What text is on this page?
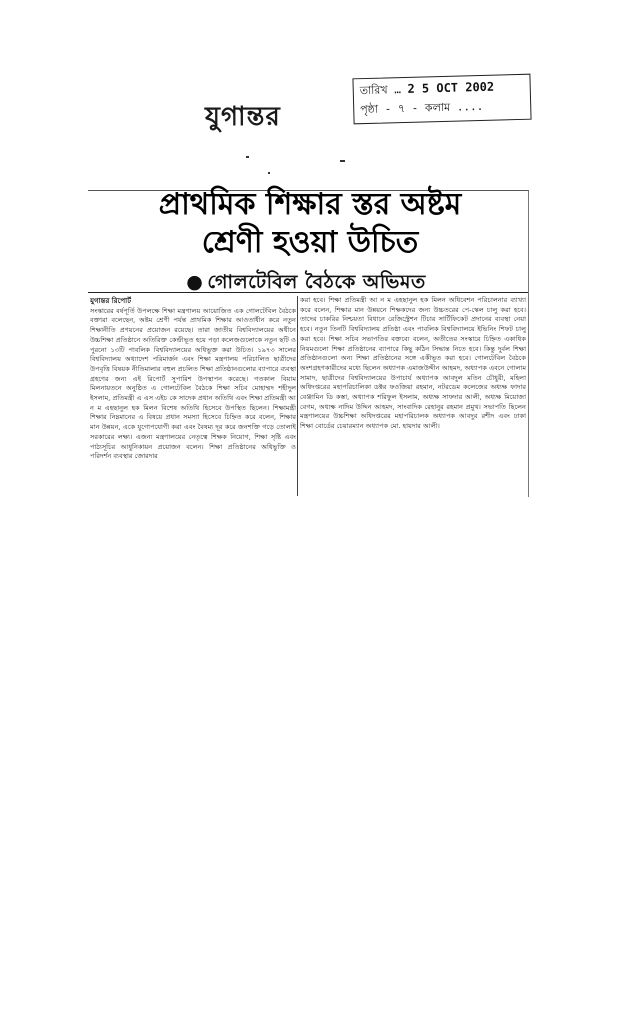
যুগান্তর
তারিখ … 2 5 OCT 2002
পৃষ্ঠা - ৭ - কলাম ....
প্রাথমিক শিক্ষার স্তর অষ্টম
শ্রেণী হওয়া উচিত
● গোলটেবিল বৈঠকে অভিমত
যুগান্তর রিপোর্ট

সংস্কারের বর্ষপূর্তি উপলক্ষে শিক্ষা মন্ত্রণালয় আয়োজিত এক গোলটেবিল বৈঠকে বক্তারা বলেছেন, অষ্টম শ্রেণী পর্যন্ত প্রাথমিক শিক্ষার আওতাধীন করে নতুন শিক্ষানীতি প্রণয়নের প্রয়োজন রয়েছে। তারা জাতীয় বিশ্ববিদ্যালয়ের অধীনে উচ্চশিক্ষা প্রতিষ্ঠানে অতিরিক্ত কেন্দ্রীভূত হয়ে পড়া কলেজগুলোকে নতুন ছটি ও পুরনো ১৩টি পাবলিক বিশ্ববিদ্যালয়ের অধিভুক্ত করা উচিত। ১৯৭৩ সালের বিশ্ববিদ্যালয় অধ্যাদেশ পরিমার্জন এবং শিক্ষা মন্ত্রণালয় পরিচালিত ছাত্রীদের উপবৃত্তি বিষয়ক নীতিমালার বহুল প্রচলিত শিক্ষা প্রতিষ্ঠানগুলোর ব্যাপারে ব্যবস্থা গ্রহণের জন্য এই রিপোর্ট সুপারিশ উপস্থাপন করেছে। গতকাল বিয়াম মিলনায়তনে অনুষ্ঠিত এ গোলটেবিল বৈঠকে শিক্ষা সচিব মোহাম্মদ শহীদুল ইসলাম, প্রতিমন্ত্রী এ এস এইচ কে সাদেক প্রধান অতিথি এবং শিক্ষা প্রতিমন্ত্রী আ ন ম এহছানুল হক মিলন বিশেষ অতিথি হিসেবে উপস্থিত ছিলেন। শিক্ষামন্ত্রী শিক্ষার নিম্নমানের এ বিষয়ে প্রধান সমস্যা হিসেবে চিহ্নিত করে বলেন, শিক্ষার মান উন্নয়ন, একে যুগোপযোগী করা এবং বৈষম্য দূর করে জনশক্তি গড়ে তোলাই সরকারের লক্ষ্য। এজন্য মন্ত্রণালয়ের নেতৃত্বে শিক্ষক নিয়োগ, শিক্ষা সৃষ্টি এবং পাঠ্যসূচির আধুনিকায়ন প্রয়োজন বলেন। শিক্ষা প্রতিষ্ঠানের অধিভুক্তি ও পরিদর্শন ব্যবস্থার জোরদার

করা হবে। শিক্ষা প্রতিমন্ত্রী আ ন ম এহছানুল হক মিলন অধিবেশন পরিচালনার ব্যাখ্যা করে বলেন, শিক্ষার মান উন্নয়নে শিক্ষকদের জন্য উচ্চতরের পে-স্কেল চালু করা হবে। তাদের চাকরির নিশ্চয়তা বিধানে রেজিস্ট্রেশন টিচার সার্টিফিকেট প্রদানের ব্যবস্থা নেয়া হবে। নতুন তিনটি বিশ্ববিদ্যালয় প্রতিষ্ঠা এবং পাবলিক বিশ্ববিদ্যালয়ে ইভিনিং শিফট চালু করা হবে। শিক্ষা সচিব সভাপতির বক্তব্যে বলেন, অতীতের সংস্কারে চিহ্নিত একাধিক নিয়মগুলো শিক্ষা প্রতিষ্ঠানের ব্যাপারে কিছু কঠিন সিদ্ধান্ত নিতে হবে। কিন্তু দুর্বল শিক্ষা প্রতিষ্ঠানগুলো অন্য শিক্ষা প্রতিষ্ঠানের সঙ্গে একীভূত করা হবে। গোলটেবিল বৈঠকে অংশগ্রহণকারীদের মধ্যে ছিলেন অধ্যাপক এমাজউদ্দীন আহমদ, অধ্যাপক এবনে গোলাম সামাদ, ছাত্রীদের বিশ্ববিদ্যালয়ের উপাচার্য অধ্যাপক আবদুল মতিন চৌধুরী, মহিলা অধিদপ্তরের মহাপরিচালিকা ডক্টর ফওজিয়া রহমান, নটরডেম কলেজের অধ্যক্ষ ফাদার বেঞ্জামিন ডি কস্তা, অধ্যাপক শরিফুল ইসলাম, অধ্যক্ষ সাফদার আলী, অধ্যক্ষ মিয়োজা বেগম, অধ্যক্ষ নাদিম উদ্দিন আহমদ, সাংবাদিক রেহানুর রহমান প্রমুখ। সভাপতি ছিলেন মন্ত্রণালয়ের উচ্চশিক্ষা অধিদপ্তরের মহাপরিচালক অধ্যাপক আবদুর রশীদ এবং ঢাকা শিক্ষা বোর্ডের চেয়ারম্যান অধ্যাপক মো. হায়দার আলী।
